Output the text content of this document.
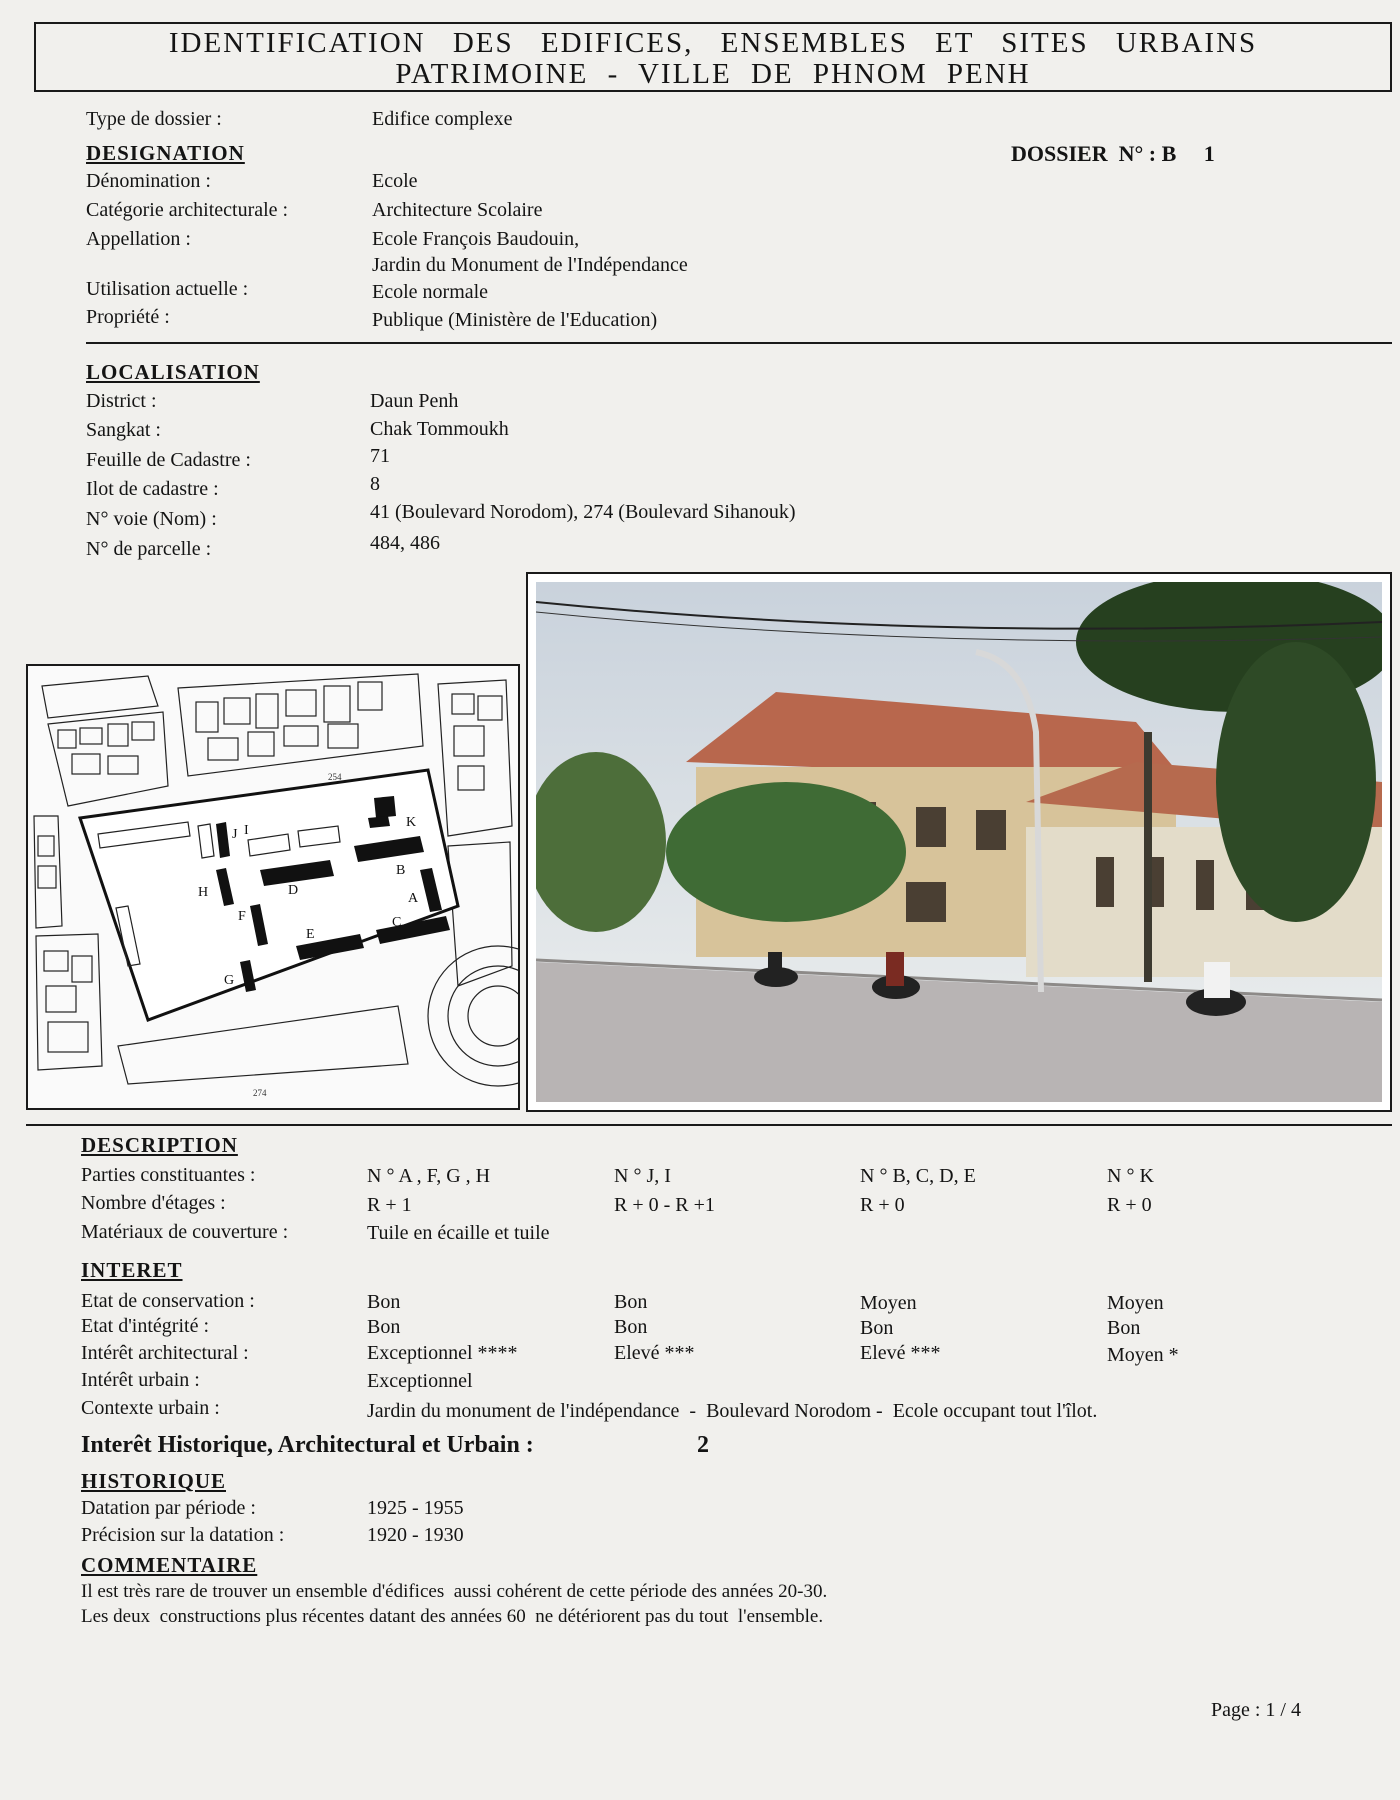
IDENTIFICATION DES EDIFICES, ENSEMBLES ET SITES URBAINS
PATRIMOINE - VILLE DE PHNOM PENH
Type de dossier :	Edifice complexe
DESIGNATION	DOSSIER  N° : B     1
Dénomination :	Ecole
Catégorie architecturale :	Architecture Scolaire
Appellation :	Ecole François Baudouin,
Jardin du Monument de l'Indépendance
Utilisation actuelle :	Ecole normale
Propriété :	Publique (Ministère de l'Education)
LOCALISATION
District :	Daun Penh
Sangkat :	Chak Tommoukh
Feuille de Cadastre :	71
Ilot de cadastre :	8
N° voie (Nom) :	41 (Boulevard Norodom), 274 (Boulevard Sihanouk)
N° de parcelle :	484, 486
J
K
B
A
D
F
E
C
G
H
I
254
274
DESCRIPTION
Parties constituantes :	N ° A , F, G , H	N ° J, I	N ° B, C, D, E	N ° K
Nombre d'étages :	R + 1	R + 0 - R +1	R + 0	R + 0
Matériaux de couverture :	Tuile en écaille et tuile
INTERET
Etat de conservation :	Bon	Bon	Moyen	Moyen
Etat d'intégrité :	Bon	Bon	Bon	Bon
Intérêt architectural :	Exceptionnel ****	Elevé ***	Elevé ***	Moyen *
Intérêt urbain :	Exceptionnel
Contexte urbain :	Jardin du monument de l'indépendance  -  Boulevard Norodom -  Ecole occupant tout l'îlot.
Interêt Historique, Architectural et Urbain :	2
HISTORIQUE
Datation par période :	1925 - 1955
Précision sur la datation :	1920 - 1930
COMMENTAIRE
Il est très rare de trouver un ensemble d'édifices  aussi cohérent de cette période des années 20-30.
Les deux  constructions plus récentes datant des années 60  ne détériorent pas du tout  l'ensemble.
Page : 1 / 4
